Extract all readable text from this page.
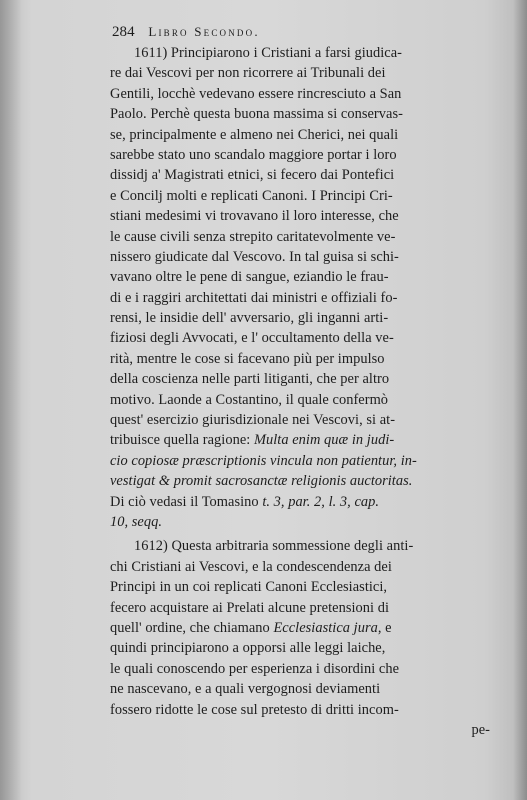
284 Libro Secondo.
1611) Principiarono i Cristiani a farsi giudica-
re dai Vescovi per non ricorrere ai Tribunali dei
Gentili, locchè vedevano essere rincresciuto a San
Paolo. Perchè questa buona massima si conservas-
se, principalmente e almeno nei Cherici, nei quali
sarebbe stato uno scandalo maggiore portar i loro
dissidj a' Magistrati etnici, si fecero dai Pontefici
e Concilj molti e replicati Canoni. I Principi Cri-
stiani medesimi vi trovavano il loro interesse, che
le cause civili senza strepito caritatevolmente ve-
nissero giudicate dal Vescovo. In tal guisa si schi-
vavano oltre le pene di sangue, eziandio le frau-
di e i raggiri architettati dai ministri e offiziali fo-
rensi, le insidie dell' avversario, gli inganni arti-
fiziosi degli Avvocati, e l' occultamento della ve-
rità, mentre le cose si facevano più per impulso
della coscienza nelle parti litiganti, che per altro
motivo. Laonde a Costantino, il quale confermò
quest' esercizio giurisdizionale nei Vescovi, si at-
tribuisce quella ragione: Multa enim quæ in judi-
cio copiosæ præscriptionis vincula non patientur, in-
vestigat & promit sacrosanctæ religionis auctoritas.
Di ciò vedasi il Tomasino t. 3, par. 2, l. 3, cap.
10, seqq.
1612) Questa arbitraria sommessione degli anti-
chi Cristiani ai Vescovi, e la condescendenza dei
Principi in un coi replicati Canoni Ecclesiastici,
fecero acquistare ai Prelati alcune pretensioni di
quell' ordine, che chiamano Ecclesiastica jura, e
quindi principiarono a opporsi alle leggi laiche,
le quali conoscendo per esperienza i disordini che
ne nascevano, e a quali vergognosi deviamenti
fossero ridotte le cose sul pretesto di dritti incom-
pe-
